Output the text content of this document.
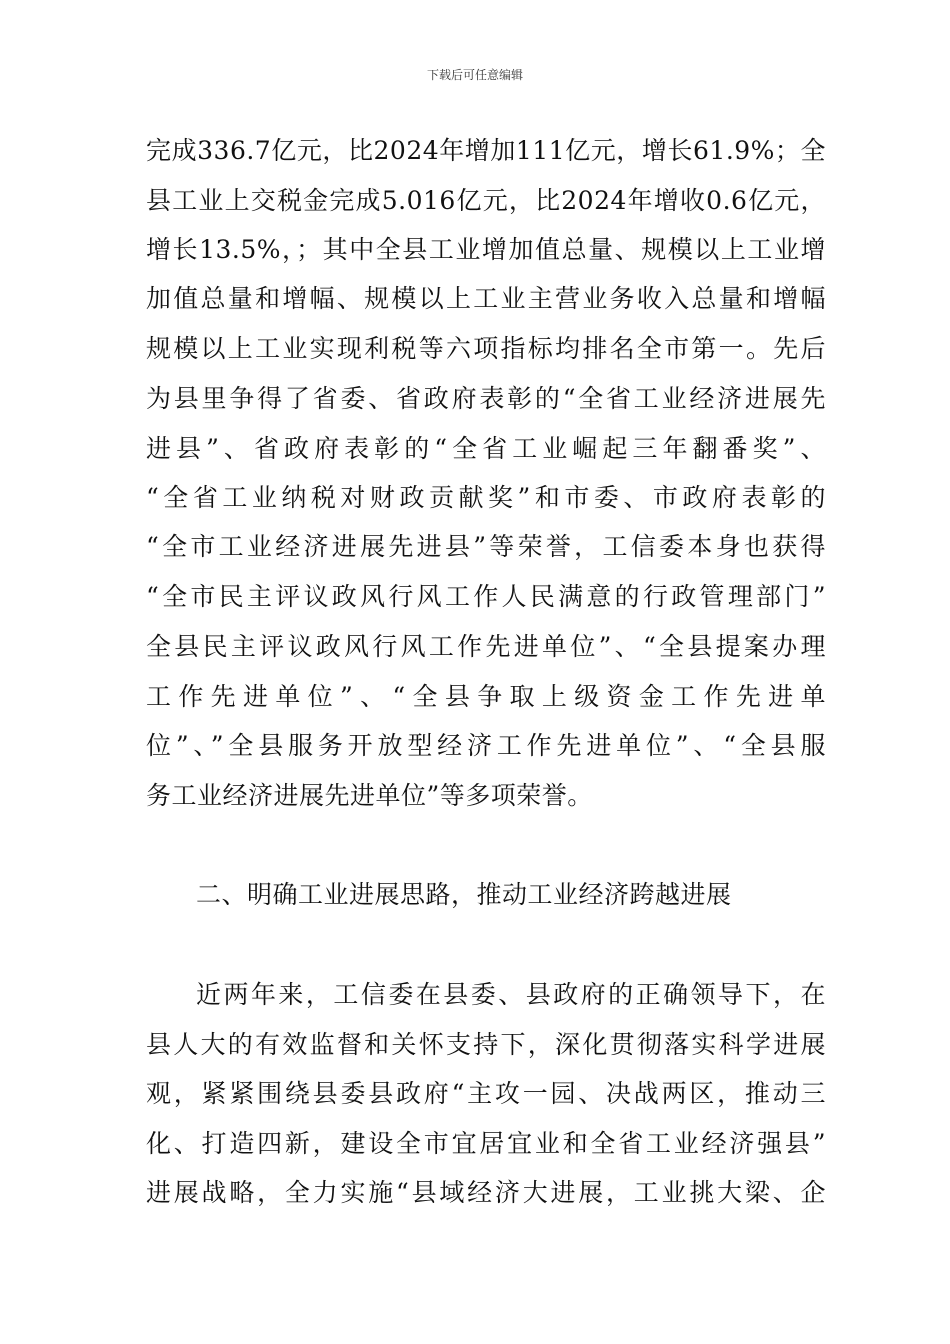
下载后可任意编辑
完成336.7亿元，比2024年增加111亿元，增长61.9%；全
县工业上交税金完成5.016亿元，比2024年增收0.6亿元，
增长13.5%，；其中全县工业增加值总量、规模以上工业增
加值总量和增幅、规模以上工业主营业务收入总量和增幅
规模以上工业实现利税等六项指标均排名全市第一。先后
为县里争得了省委、省政府表彰的“全省工业经济进展先
进县”、省政府表彰的“全省工业崛起三年翻番奖”、
“全省工业纳税对财政贡献奖”和市委、市政府表彰的
“全市工业经济进展先进县”等荣誉，工信委本身也获得
“全市民主评议政风行风工作人民满意的行政管理部门”
全县民主评议政风行风工作先进单位”、“全县提案办理
工作先进单位”、“全县争取上级资金工作先进单
位”、”全县服务开放型经济工作先进单位”、“全县服
务工业经济进展先进单位”等多项荣誉。
二、明确工业进展思路，推动工业经济跨越进展
近两年来，工信委在县委、县政府的正确领导下，在
县人大的有效监督和关怀支持下，深化贯彻落实科学进展
观，紧紧围绕县委县政府“主攻一园、决战两区，推动三
化、打造四新，建设全市宜居宜业和全省工业经济强县”
进展战略，全力实施“县域经济大进展，工业挑大梁、企
